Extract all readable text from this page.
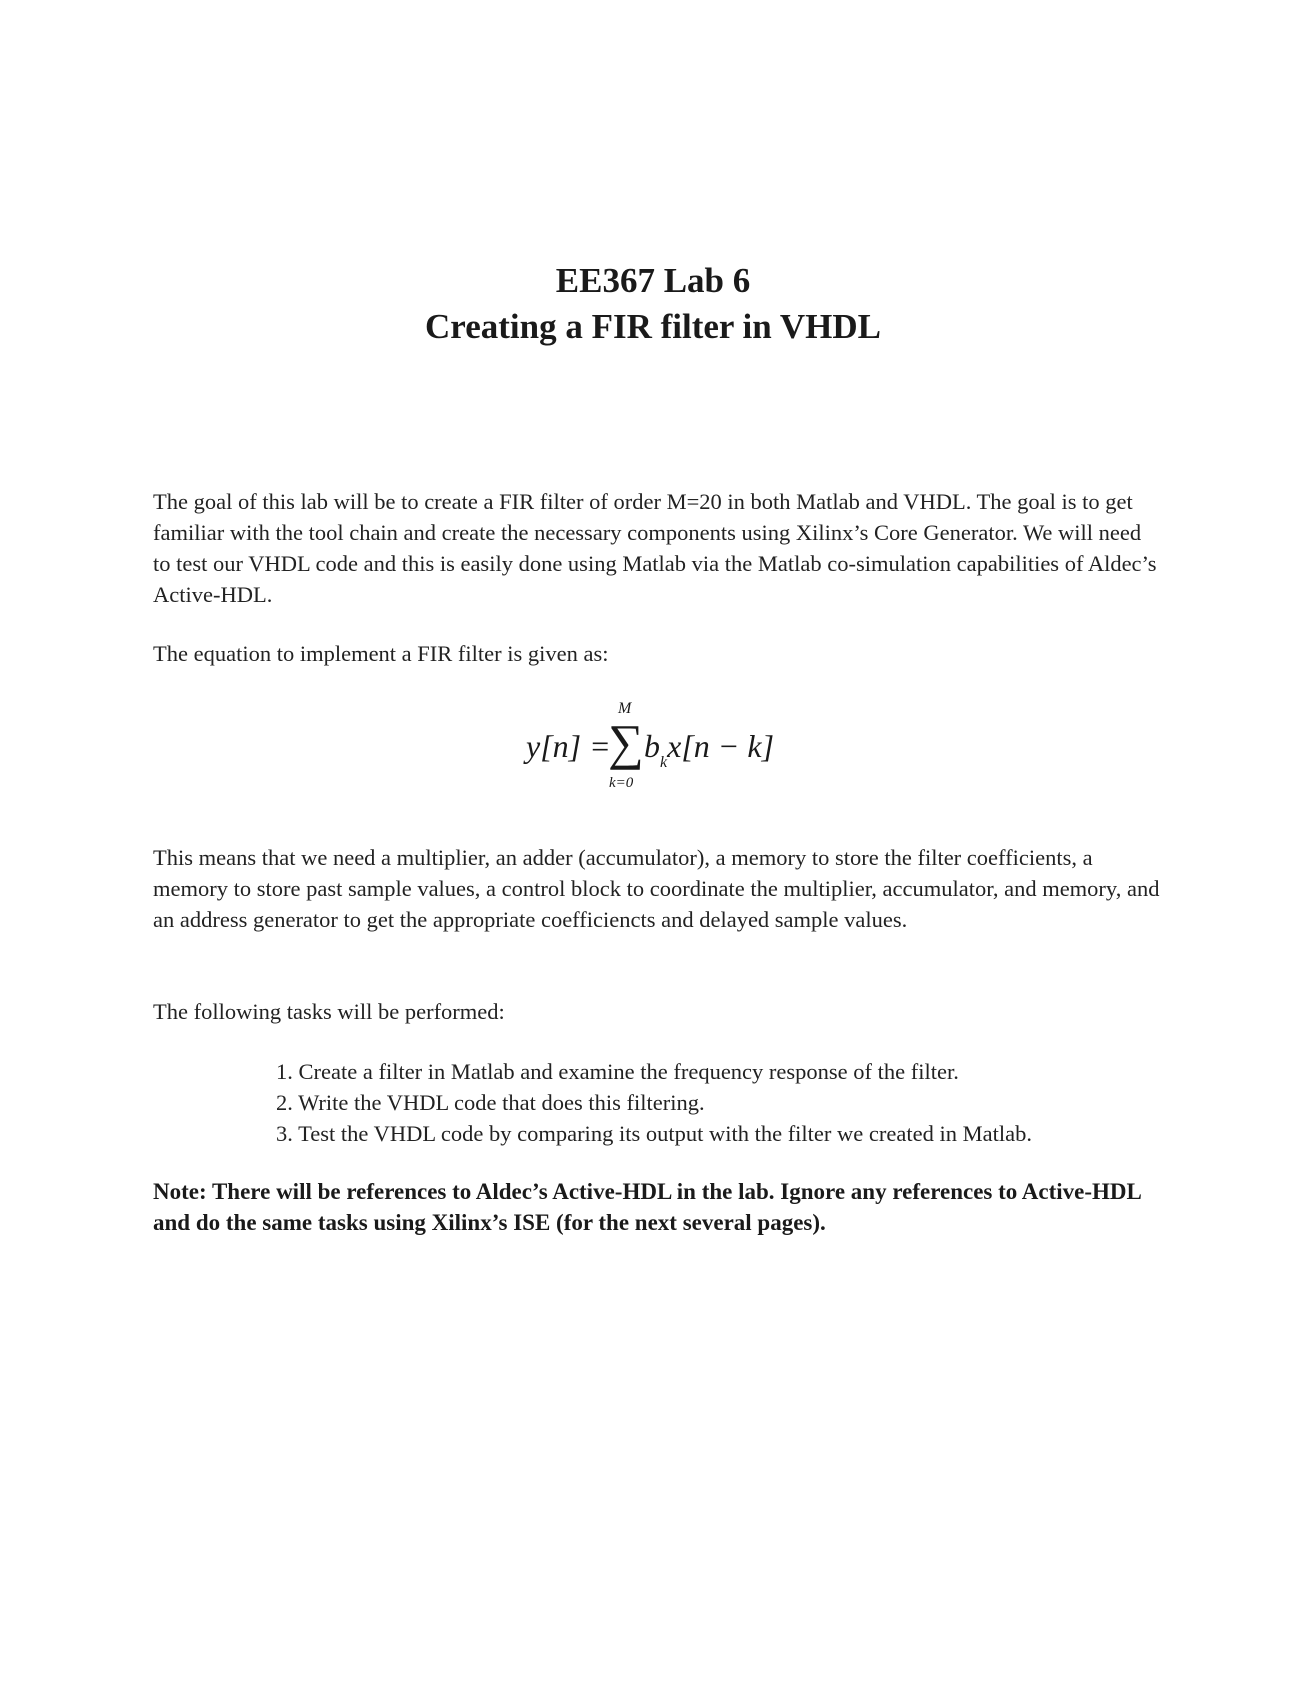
EE367 Lab 6
Creating a FIR filter in VHDL
The goal of this lab will be to create a FIR filter of order M=20 in both Matlab and VHDL. The goal is to get familiar with the tool chain and create the necessary components using Xilinx’s Core Generator. We will need to test our VHDL code and this is easily done using Matlab via the Matlab co-simulation capabilities of Aldec’s Active-HDL.
The equation to implement a FIR filter is given as:
y[n] =
M
∑
k=0
$b_kx[n - k]$
This means that we need a multiplier, an adder (accumulator), a memory to store the filter coefficients, a memory to store past sample values, a control block to coordinate the multiplier, accumulator, and memory, and an address generator to get the appropriate coefficiencts and delayed sample values.
The following tasks will be performed:
1. Create a filter in Matlab and examine the frequency response of the filter.
2. Write the VHDL code that does this filtering.
3. Test the VHDL code by comparing its output with the filter we created in Matlab.
Note: There will be references to Aldec’s Active-HDL in the lab. Ignore any references to Active-HDL and do the same tasks using Xilinx’s ISE (for the next several pages).
